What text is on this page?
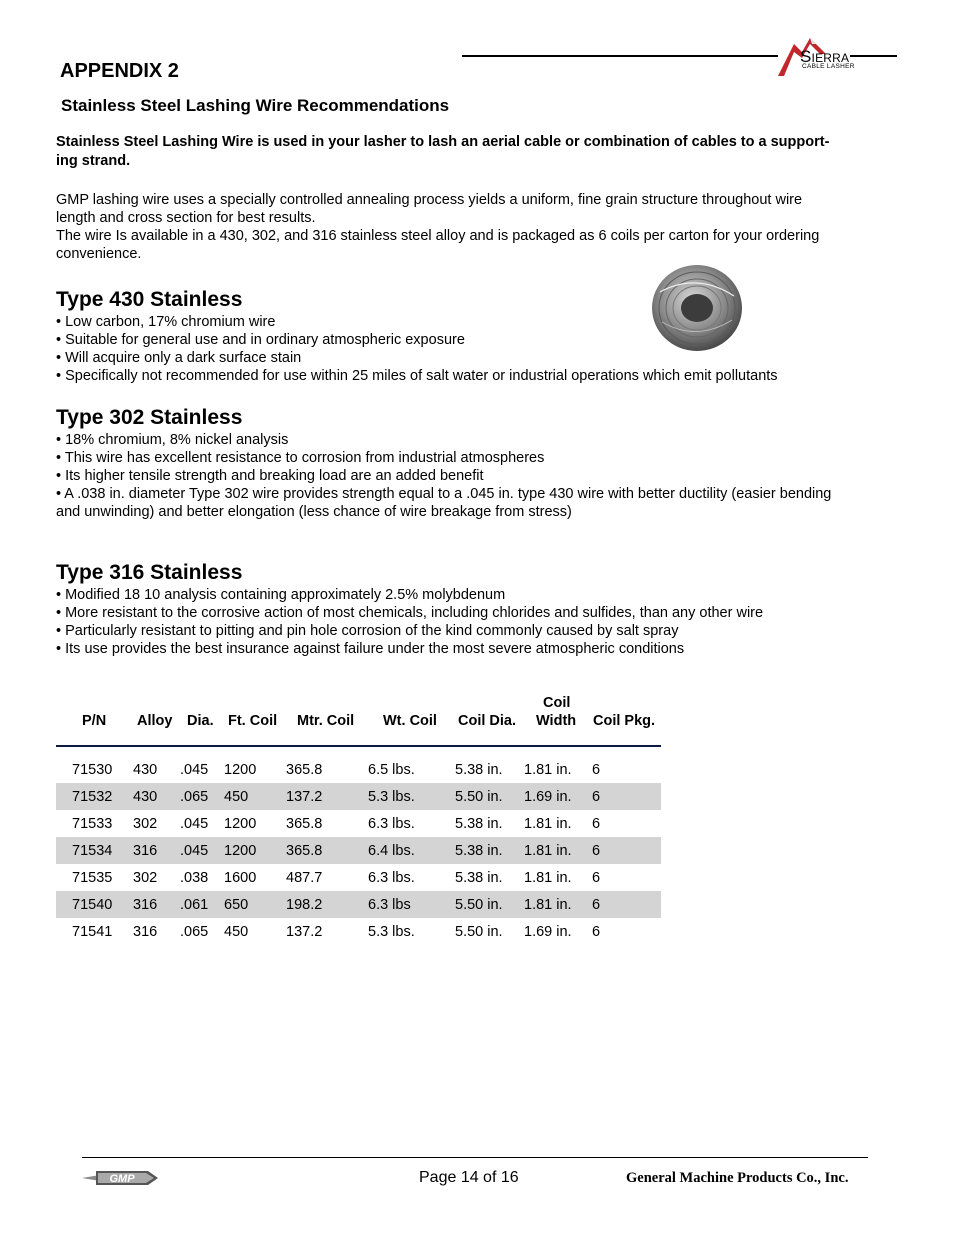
SIERRA
CABLE LASHER
APPENDIX 2
Stainless Steel Lashing Wire Recommendations
Stainless Steel Lashing Wire is used in your lasher to lash an aerial cable or combination of cables to a support-
ing strand.
GMP lashing wire uses a specially controlled annealing process yields a uniform, fine grain structure throughout wire
length and cross section for best results.
The wire Is available in a 430, 302, and 316 stainless steel alloy and is packaged as 6 coils per carton for your ordering
convenience.
Type 430 Stainless
• Low carbon, 17% chromium wire
• Suitable for general use and in ordinary atmospheric exposure
• Will acquire only a dark surface stain
• Specifically not recommended for use within 25 miles of salt water or industrial operations which emit pollutants
Type 302 Stainless
• 18% chromium, 8% nickel analysis
• This wire has excellent resistance to corrosion from industrial atmospheres
• Its higher tensile strength and breaking load are an added benefit
• A .038 in. diameter Type 302 wire provides strength equal to a .045 in. type 430 wire with better ductility (easier bending
and unwinding) and better elongation (less chance of wire breakage from stress)
Type 316 Stainless
• Modified 18 10 analysis containing approximately 2.5% molybdenum
• More resistant to the corrosive action of most chemicals, including chlorides and sulfides, than any other wire
• Particularly resistant to pitting and pin hole corrosion of the kind commonly caused by salt spray
• Its use provides the best insurance against failure under the most severe atmospheric conditions
P/N Alloy Dia. Ft. Coil Mtr. Coil Wt. Coil Coil Dia.
Coil
Width Coil Pkg.
71530 430 .045 1200 365.8	6.5 lbs.	5.38 in. 1.81 in. 6
71532 430 .065 450	137.2	5.3 lbs.	5.50 in. 1.69 in. 6
71533 302 .045 1200 365.8	6.3 lbs.	5.38 in. 1.81 in. 6
71534 316 .045 1200 365.8	6.4 lbs.	5.38 in. 1.81 in. 6
71535 302 .038 1600 487.7	6.3 lbs.	5.38 in. 1.81 in. 6
71540 316 .061 650	198.2	6.3 lbs	5.50 in. 1.81 in. 6
71541 316 .065 450	137.2	5.3 lbs.	5.50 in. 1.69 in. 6
GMP	Page 14 of 16	General Machine Products Co., Inc.
